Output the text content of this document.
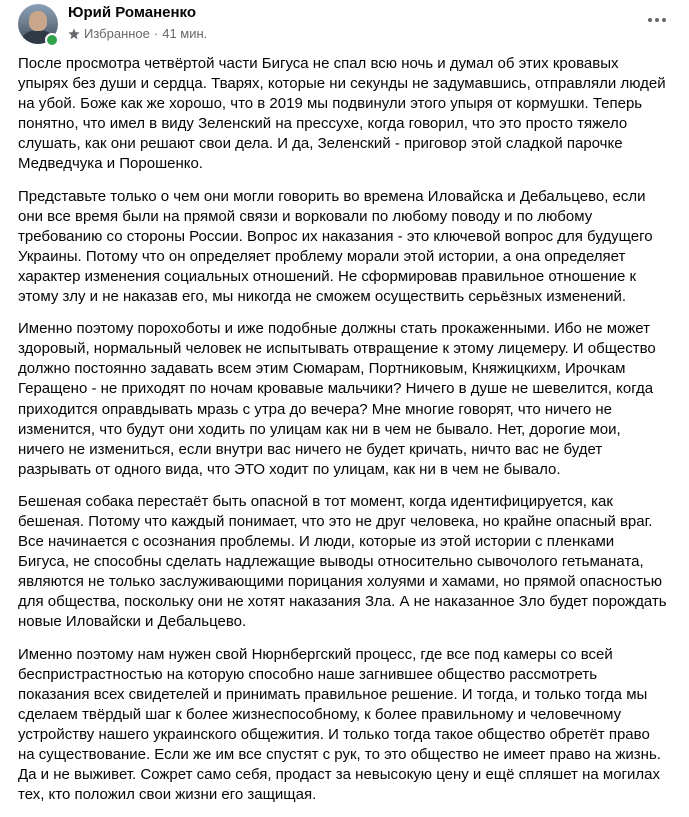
Юрий Романенко
Избранное · 41 мин.

После просмотра четвёртой части Бигуса не спал всю ночь и думал об этих кровавых упырях без души и сердца. Тварях, которые ни секунды не задумавшись, отправляли людей на убой. Боже как же хорошо, что в 2019 мы подвинули этого упыря от кормушки. Теперь понятно, что имел в виду Зеленский на прессухе, когда говорил, что это просто тяжело слушать, как они решают свои дела. И да, Зеленский - приговор этой сладкой парочке Медведчука и Порошенко.

Представьте только о чем они могли говорить во времена Иловайска и Дебальцево, если они все время были на прямой связи и ворковали по любому поводу и по любому требованию со стороны России. Вопрос их наказания - это ключевой вопрос для будущего Украины. Потому что он определяет проблему морали этой истории, а она определяет характер изменения социальных отношений. Не сформировав правильное отношение к этому злу и не наказав его, мы никогда не сможем осуществить серьёзных изменений.

Именно поэтому порохоботы и иже подобные должны стать прокаженными. Ибо не может здоровый, нормальный человек не испытывать отвращение к этому лицемеру. И общество должно постоянно задавать всем этим Сюмарам, Портниковым, Княжицкихм, Ирочкам Геращено - не приходят по ночам кровавые мальчики? Ничего в душе не шевелится, когда приходится оправдывать мразь с утра до вечера? Мне многие говорят, что ничего не изменится, что будут они ходить по улицам как ни в чем не бывало. Нет, дорогие мои, ничего не измениться, если внутри вас ничего не будет кричать, ничто вас не будет разрывать от одного вида, что ЭТО ходит по улицам, как ни в чем не бывало.

Бешеная собака перестаёт быть опасной в тот момент, когда идентифицируется, как бешеная. Потому что каждый понимает, что это не друг человека, но крайне опасный враг. Все начинается с осознания проблемы. И люди, которые из этой истории с пленками Бигуса, не способны сделать надлежащие выводы относительно сывочолого гетьманата, являются не только заслуживающими порицания холуями и хамами, но прямой опасностью для общества, поскольку они не хотят наказания Зла. А не наказанное Зло будет порождать новые Иловайски и Дебальцево.

Именно поэтому нам нужен свой Нюрнбергский процесс, где все под камеры со всей беспристрастностью на которую способно наше загнившее общество рассмотреть показания всех свидетелей и принимать правильное решение. И тогда, и только тогда мы сделаем твёрдый шаг к более жизнеспособному, к более правильному и человечному устройству нашего украинского общежития. И только тогда такое общество обретёт право на существование. Если же им все спустят с рук, то это общество не имеет право на жизнь. Да и не выживет. Сожрет само себя, продаст за невысокую цену и ещё спляшет на могилах тех, кто положил свои жизни его защищая.
